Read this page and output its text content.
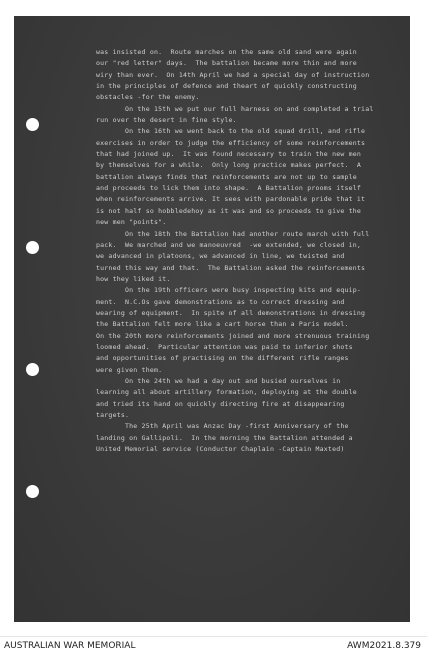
was insisted on.  Route marches on the same old sand were again
our "red letter" days.  The battalion became more thin and more
wiry than ever.  On 14th April we had a special day of instruction
in the principles of defence and theart of quickly constructing
obstacles -for the enemy.
On the 15th we put our full harness on and completed a trial
run over the desert in fine style.
On the 16th we went back to the old squad drill, and rifle
exercises in order to judge the efficiency of some reinforcements
that had joined up.  It was found necessary to train the new men
by themselves for a while.  Only long practice makes perfect.  A
battalion always finds that reinforcements are not up to sample
and proceeds to lick them into shape.  A Battalion prooms itself
when reinforcements arrive. It sees with pardonable pride that it
is not half so hobbledehoy as it was and so proceeds to give the
new men "points".
On the 18th the Battalion had another route march with full
pack.  We marched and we manoeuvred  -we extended, we closed in,
we advanced in platoons, we advanced in line, we twisted and
turned this way and that.  The Battalion asked the reinforcements
how they liked it.
On the 19th officers were busy inspecting kits and equip-
ment.  N.C.Os gave demonstrations as to correct dressing and
wearing of equipment.  In spite of all demonstrations in dressing
the Battalion felt more like a cart horse than a Paris model.
On the 20th more reinforcements joined and more strenuous training
loomed ahead.  Particular attention was paid to inferior shots
and opportunities of practising on the different rifle ranges
were given them.
On the 24th we had a day out and busied ourselves in
learning all about artillery formation, deploying at the double
and tried its hand on quickly directing fire at disappearing
targets.
The 25th April was Anzac Day -first Anniversary of the
landing on Gallipoli.  In the morning the Battalion attended a
United Memorial service (Conductor Chaplain -Captain Maxted)
AUSTRALIAN WAR MEMORIAL	AWM2021.8.379
